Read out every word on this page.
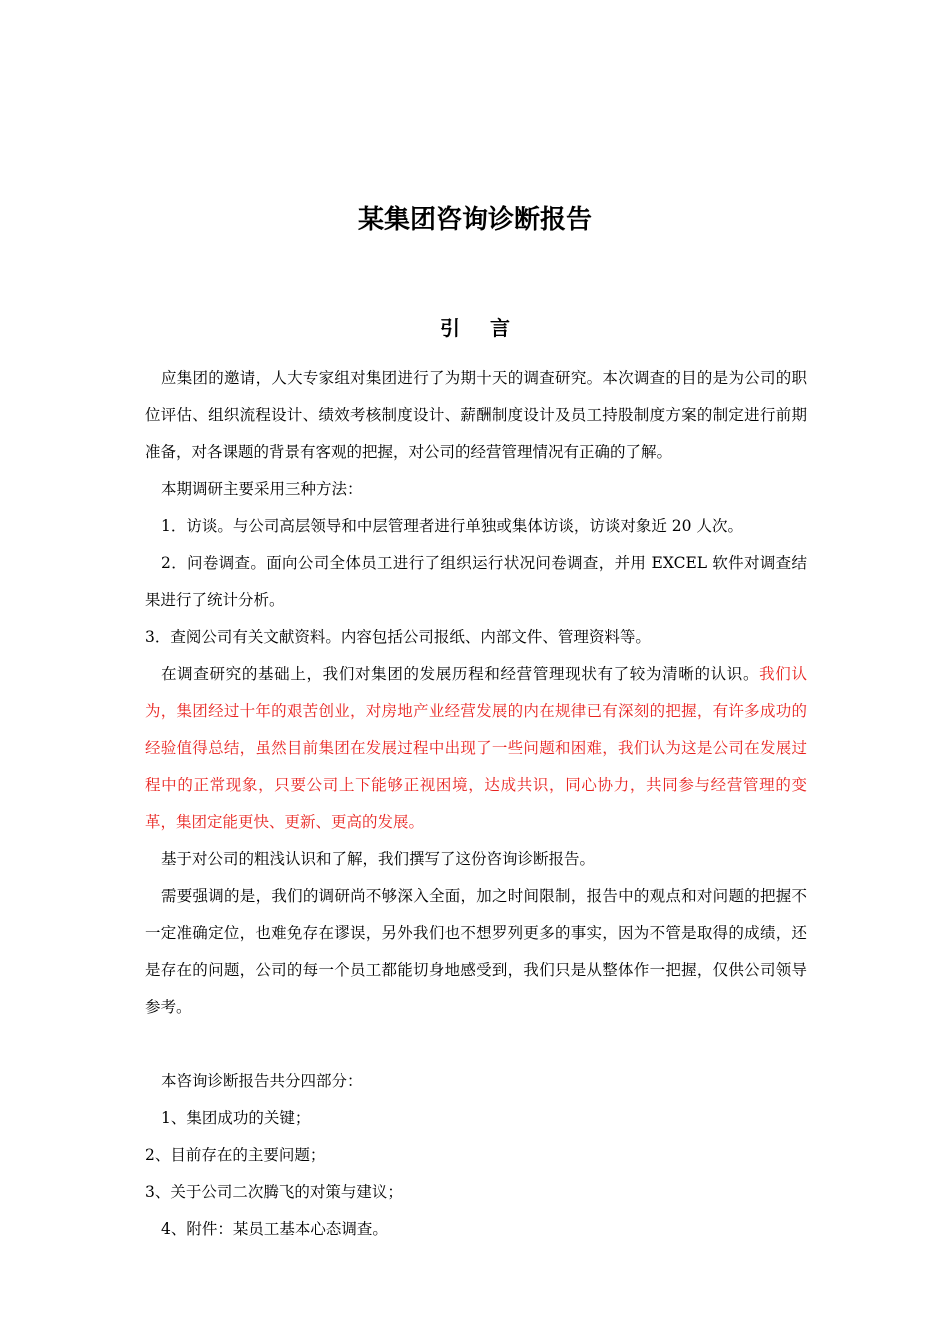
某集团咨询诊断报告
引言

应集团的邀请，人大专家组对集团进行了为期十天的调查研究。本次调查的目的是为公司的职位评估、组织流程设计、绩效考核制度设计、薪酬制度设计及员工持股制度方案的制定进行前期准备，对各课题的背景有客观的把握，对公司的经营管理情况有正确的了解。

本期调研主要采用三种方法：

1．访谈。与公司高层领导和中层管理者进行单独或集体访谈，访谈对象近 20 人次。

2．问卷调查。面向公司全体员工进行了组织运行状况问卷调查，并用 EXCEL 软件对调查结果进行了统计分析。

3．查阅公司有关文献资料。内容包括公司报纸、内部文件、管理资料等。

在调查研究的基础上，我们对集团的发展历程和经营管理现状有了较为清晰的认识。我们认为，集团经过十年的艰苦创业，对房地产业经营发展的内在规律已有深刻的把握，有许多成功的经验值得总结，虽然目前集团在发展过程中出现了一些问题和困难，我们认为这是公司在发展过程中的正常现象，只要公司上下能够正视困境，达成共识，同心协力，共同参与经营管理的变革，集团定能更快、更新、更高的发展。

基于对公司的粗浅认识和了解，我们撰写了这份咨询诊断报告。

需要强调的是，我们的调研尚不够深入全面，加之时间限制，报告中的观点和对问题的把握不一定准确定位，也难免存在谬误，另外我们也不想罗列更多的事实，因为不管是取得的成绩，还是存在的问题，公司的每一个员工都能切身地感受到，我们只是从整体作一把握，仅供公司领导参考。

本咨询诊断报告共分四部分：

1、集团成功的关键；

2、目前存在的主要问题；

3、关于公司二次腾飞的对策与建议；

4、附件：某员工基本心态调查。
